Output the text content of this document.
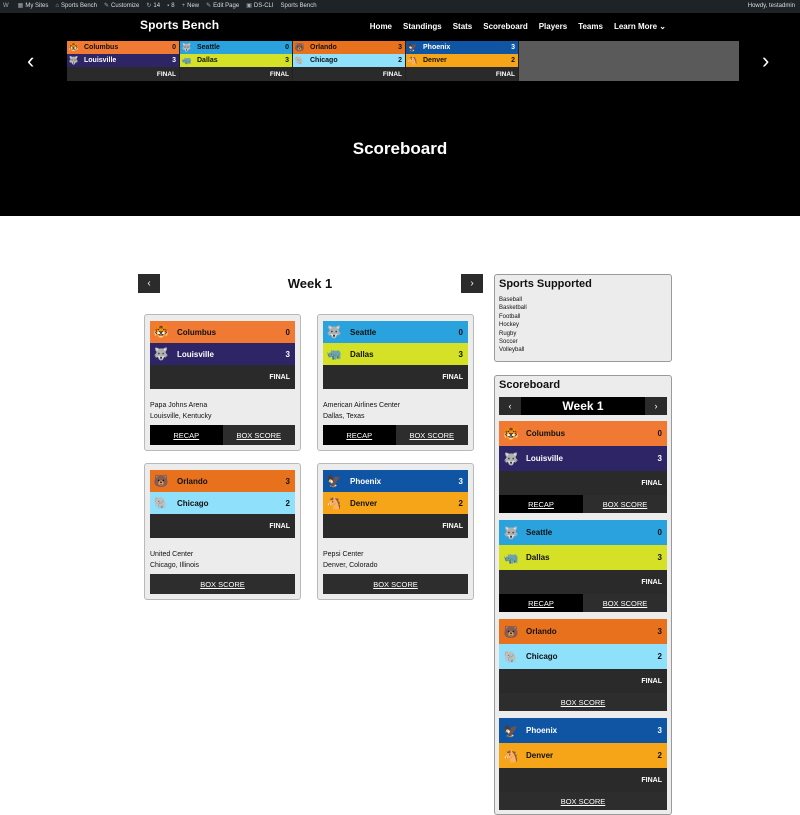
W ▦ My Sites ⌂ Sports Bench ✎ Customize ↻ 14 ▪ 8 + New ✎ Edit Page ▣ DS-CLI Sports Bench	Howdy, testadmin
Sports Bench	Home Standings Stats Scoreboard Players Teams Learn More ⌄
‹	›
🐯 Columbus	0
🐺 Louisville	3
FINAL
🐺 Seattle	0
🦏 Dallas	3
FINAL
🐻 Orlando	3
🐘 Chicago	2
FINAL
🦅 Phoenix	3
🐴 Denver	2
FINAL
Scoreboard
‹	Week 1	›
🐯	Columbus	0
🐺	Louisville	3
FINAL
Papa Johns Arena
Louisville, Kentucky
RECAP	BOX SCORE
🐺	Seattle	0
🦏	Dallas	3
FINAL
American Airlines Center
Dallas, Texas
RECAP	BOX SCORE
🐻	Orlando	3
🐘	Chicago	2
FINAL
United Center
Chicago, Illinois
BOX SCORE
🦅	Phoenix	3
🐴	Denver	2
FINAL
Pepsi Center
Denver, Colorado
BOX SCORE
Sports Supported
Baseball
Basketball
Football
Hockey
Rugby
Soccer
Volleyball
Scoreboard
‹	Week 1	›
🐯 Columbus	0
🐺 Louisville	3
FINAL
RECAP	BOX SCORE
🐺 Seattle	0
🦏 Dallas	3
FINAL
RECAP	BOX SCORE
🐻 Orlando	3
🐘 Chicago	2
FINAL
BOX SCORE
🦅 Phoenix	3
🐴 Denver	2
FINAL
BOX SCORE
